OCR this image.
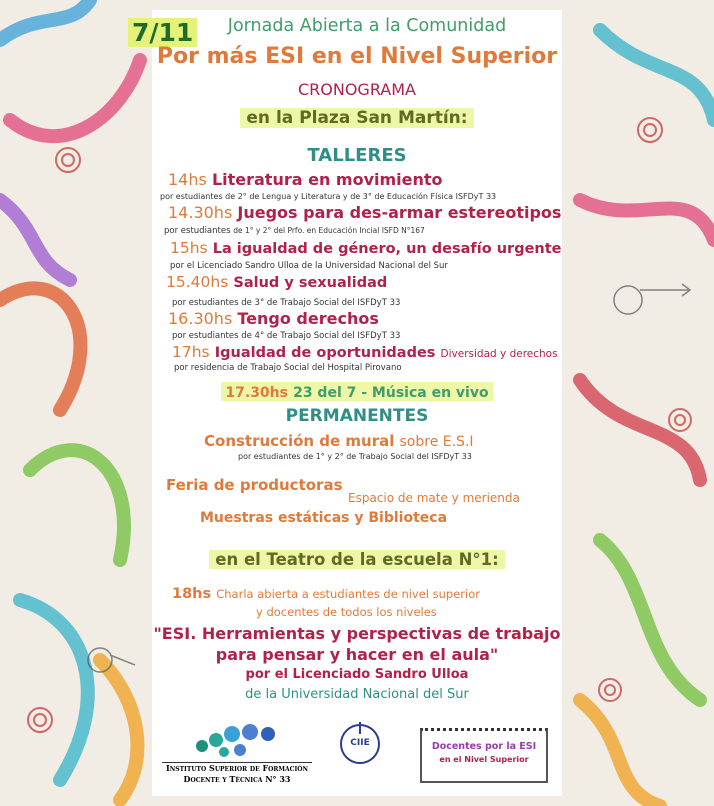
7/11	Jornada Abierta a la Comunidad
Por más ESI en el Nivel Superior
CRONOGRAMA
en la Plaza San Martín:
TALLERES
14hs Literatura en movimiento
por estudiantes de 2° de Lengua y Literatura y de 3° de Educación Física ISFDyT 33
14.30hs Juegos para des-armar estereotipos
por estudiantes de 1° y 2° del Prfo. en Educación Incial ISFD N°167
15hs La igualdad de género, un desafío urgente
por el Licenciado Sandro Ulloa de la Universidad Nacional del Sur
15.40hs Salud y sexualidad
por estudiantes de 3° de Trabajo Social del ISFDyT 33
16.30hs Tengo derechos
por estudiantes de 4° de Trabajo Social del ISFDyT 33
17hs Igualdad de oportunidades Diversidad y derechos
por residencia de Trabajo Social del Hospital Pirovano
17.30hs 23 del 7 - Música en vivo
PERMANENTES
Construcción de mural sobre E.S.I
por estudiantes de 1° y 2° de Trabajo Social del ISFDyT 33
Feria de productoras
Espacio de mate y merienda
Muestras estáticas y Biblioteca
en el Teatro de la escuela N°1:
18hs Charla abierta a estudiantes de nivel superior
y docentes de todos los niveles
"ESI. Herramientas y perspectivas de trabajo
para pensar y hacer en el aula"
por el Licenciado Sandro Ulloa
de la Universidad Nacional del Sur
Instituto Superior de Formación
Docente y Técnica N° 33
CIIE	Docentes por la ESI
en el Nivel Superior
